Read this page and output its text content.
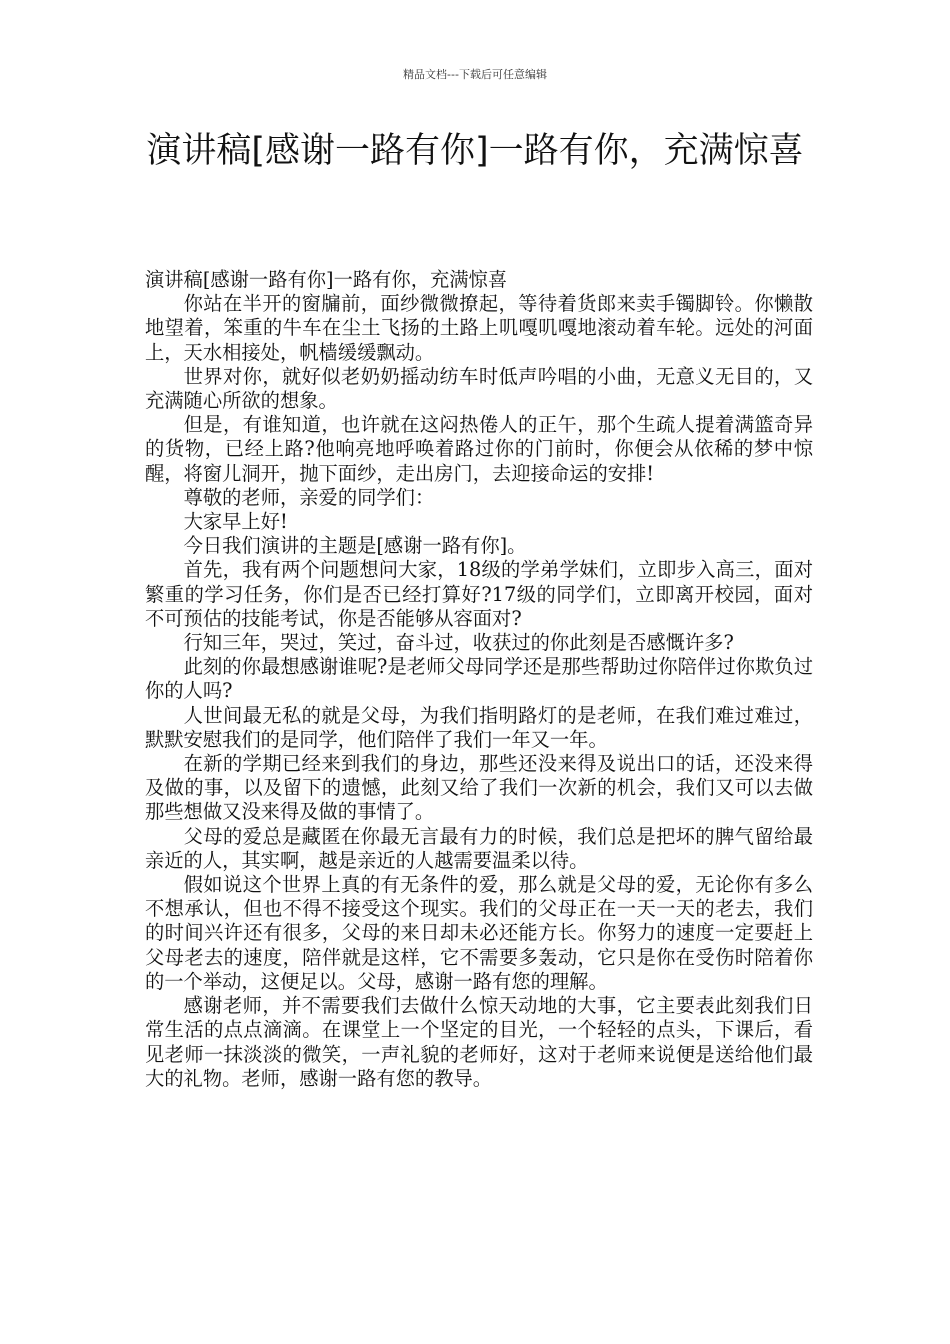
精品文档---下载后可任意编辑
演讲稿[感谢一路有你]一路有你，充满惊喜

演讲稿[感谢一路有你]一路有你，充满惊喜

你站在半开的窗牖前，面纱微微撩起，等待着货郎来卖手镯脚铃。你懒散地望着，笨重的牛车在尘土飞扬的土路上叽嘎叽嘎地滚动着车轮。远处的河面上，天水相接处，帆樯缓缓飘动。

世界对你，就好似老奶奶摇动纺车时低声吟唱的小曲，无意义无目的，又充满随心所欲的想象。

但是，有谁知道，也许就在这闷热倦人的正午，那个生疏人提着满篮奇异的货物，已经上路?他响亮地呼唤着路过你的门前时，你便会从依稀的梦中惊醒，将窗儿洞开，抛下面纱，走出房门，去迎接命运的安排!

尊敬的老师，亲爱的同学们：

大家早上好!

今日我们演讲的主题是[感谢一路有你]。

首先，我有两个问题想问大家，18级的学弟学妹们，立即步入高三，面对繁重的学习任务，你们是否已经打算好?17级的同学们，立即离开校园，面对不可预估的技能考试，你是否能够从容面对?

行知三年，哭过，笑过，奋斗过，收获过的你此刻是否感慨许多?

此刻的你最想感谢谁呢?是老师父母同学还是那些帮助过你陪伴过你欺负过你的人吗?

人世间最无私的就是父母，为我们指明路灯的是老师，在我们难过难过，默默安慰我们的是同学，他们陪伴了我们一年又一年。

在新的学期已经来到我们的身边，那些还没来得及说出口的话，还没来得及做的事，以及留下的遗憾，此刻又给了我们一次新的机会，我们又可以去做那些想做又没来得及做的事情了。

父母的爱总是藏匿在你最无言最有力的时候，我们总是把坏的脾气留给最亲近的人，其实啊，越是亲近的人越需要温柔以待。

假如说这个世界上真的有无条件的爱，那么就是父母的爱，无论你有多么不想承认，但也不得不接受这个现实。我们的父母正在一天一天的老去，我们的时间兴许还有很多，父母的来日却未必还能方长。你努力的速度一定要赶上父母老去的速度，陪伴就是这样，它不需要多轰动，它只是你在受伤时陪着你的一个举动，这便足以。父母，感谢一路有您的理解。

感谢老师，并不需要我们去做什么惊天动地的大事，它主要表此刻我们日常生活的点点滴滴。在课堂上一个坚定的目光，一个轻轻的点头，下课后，看见老师一抹淡淡的微笑，一声礼貌的老师好，这对于老师来说便是送给他们最大的礼物。老师，感谢一路有您的教导。
